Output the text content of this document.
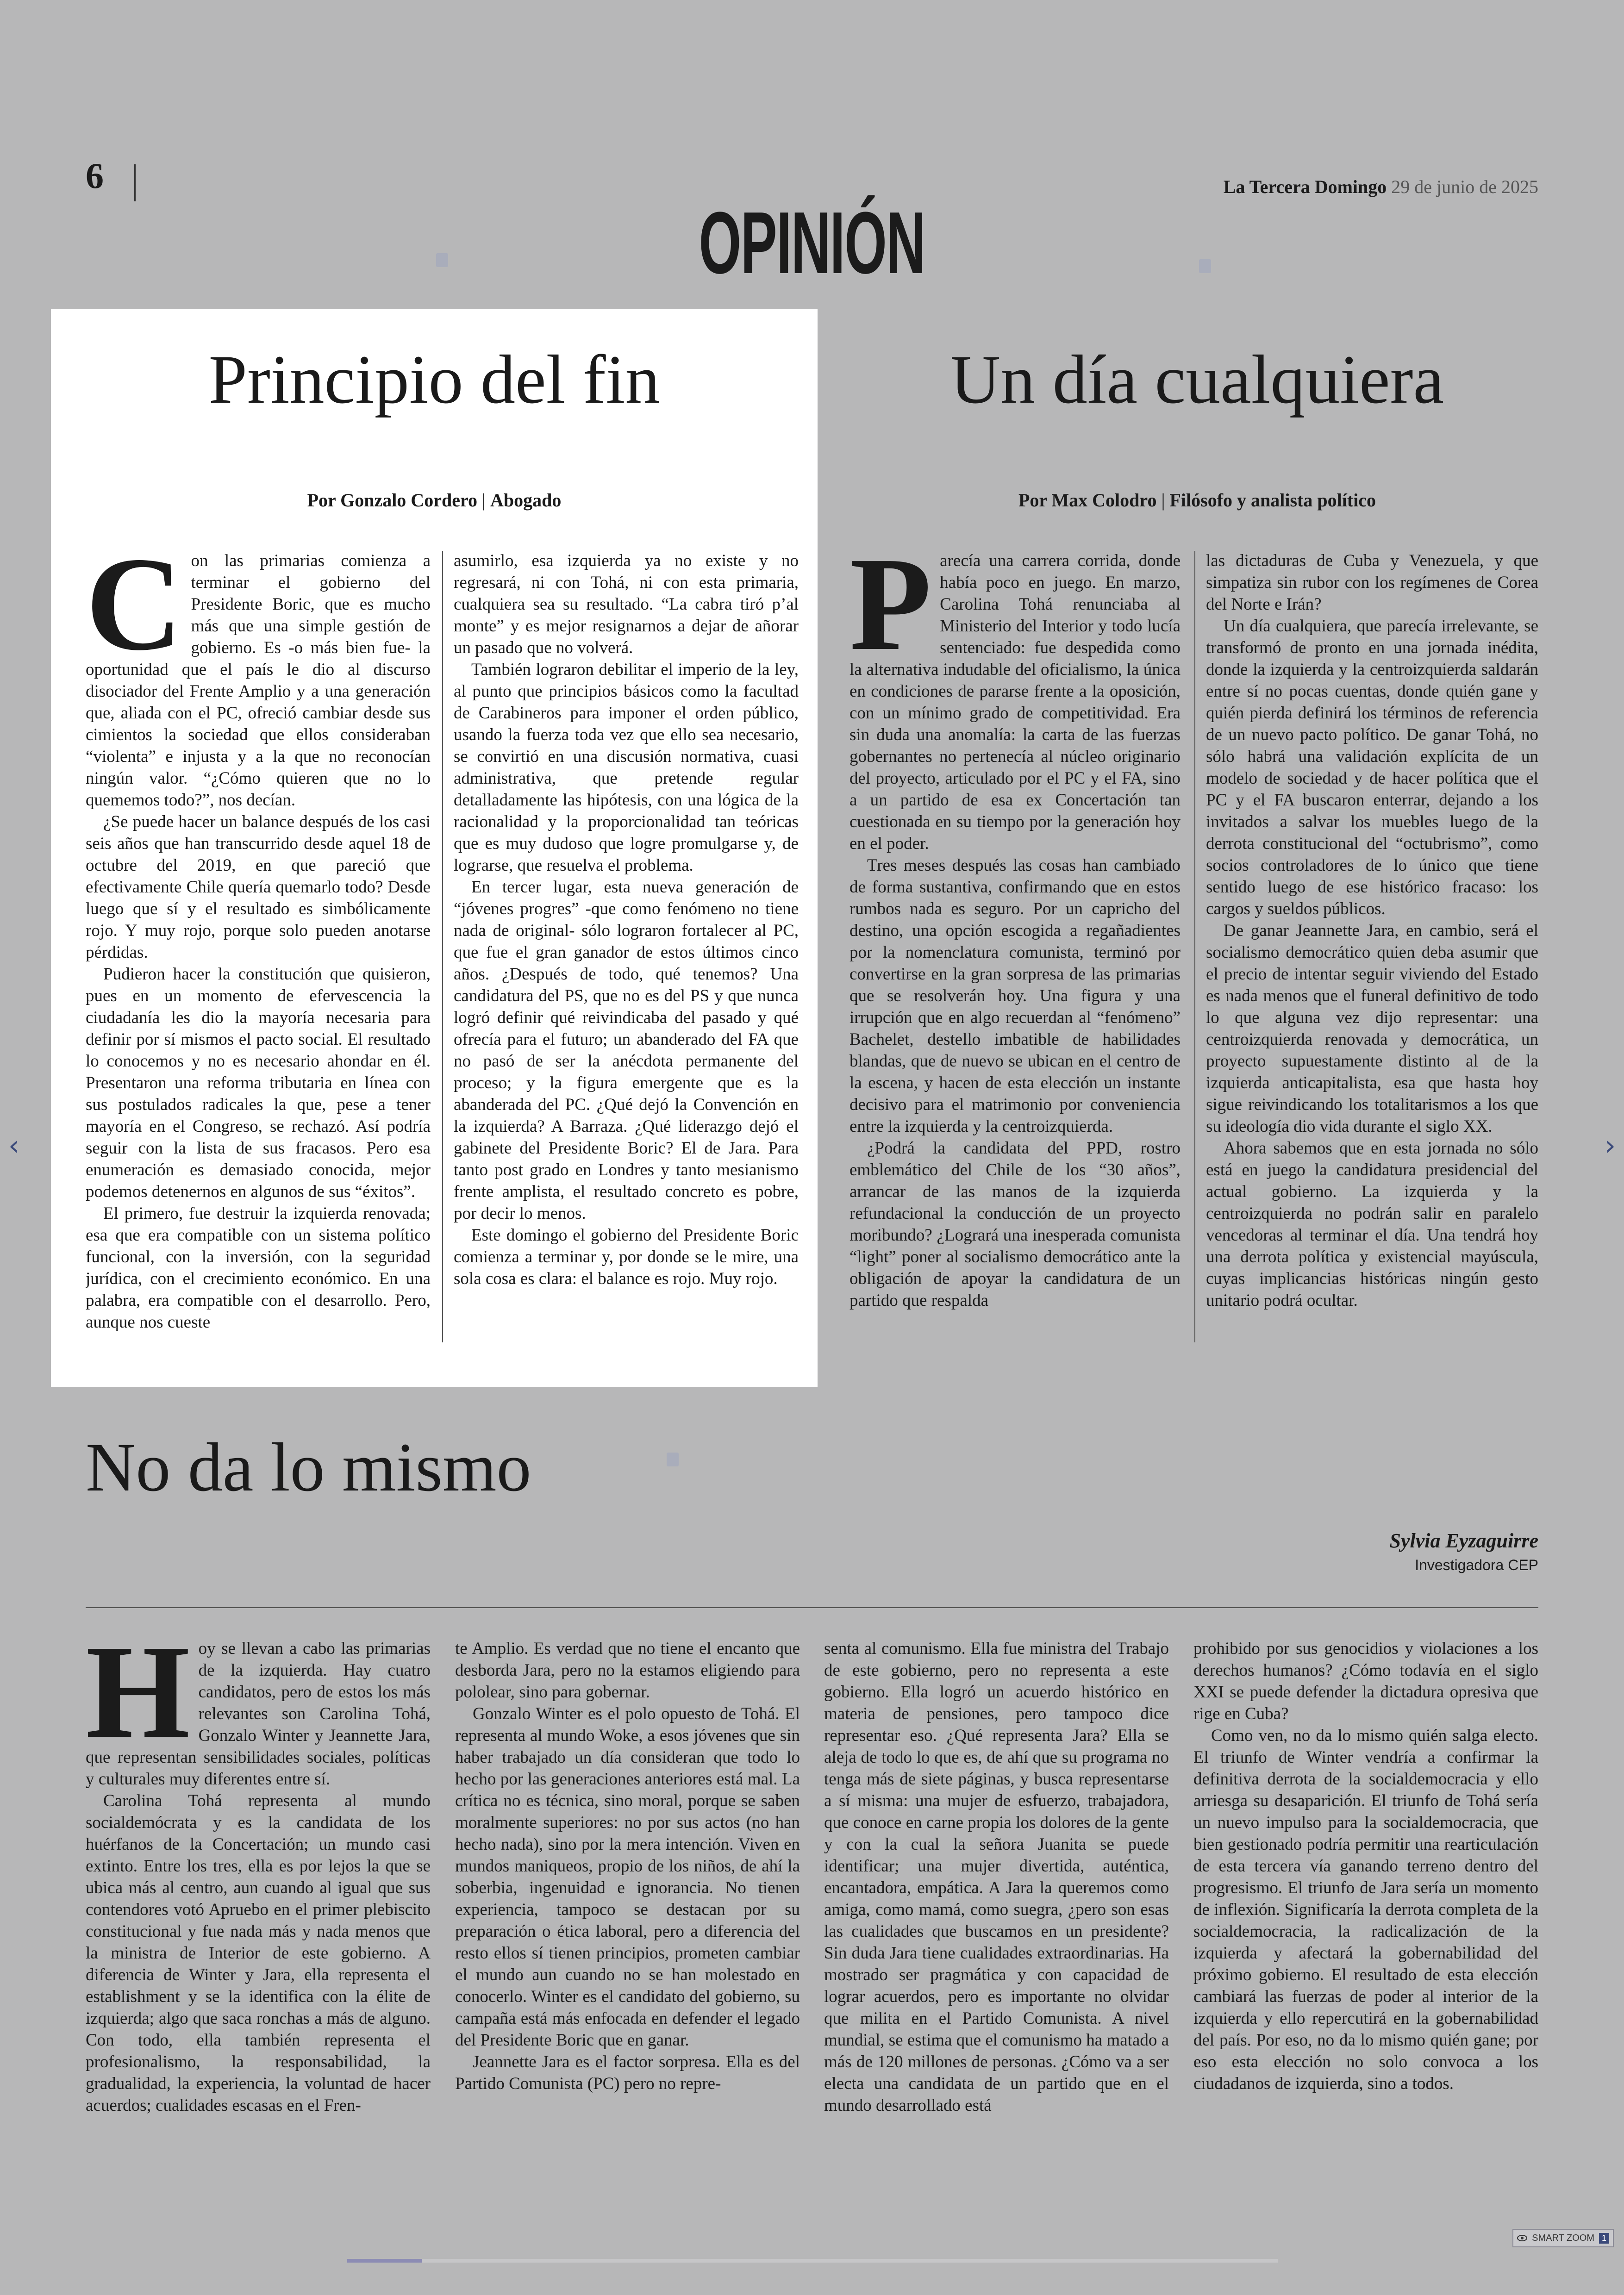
6	La Tercera Domingo 29 de junio de 2025
OPINIÓN
Principio del fin
Por Gonzalo Cordero | Abogado
C on las primarias comienza a terminar el gobierno del Presidente Boric, que es mucho más que una simple gestión de gobierno. Es -o más bien fue- la oportunidad que el país le dio al discurso disociador del Frente Amplio y a una generación que, aliada con el PC, ofreció cambiar desde sus cimientos la sociedad que ellos consideraban “violenta” e injusta y a la que no reconocían ningún valor. “¿Cómo quieren que no lo quememos todo?”, nos decían.

¿Se puede hacer un balance después de los casi seis años que han transcurrido desde aquel 18 de octubre del 2019, en que pareció que efectivamente Chile quería quemarlo todo? Desde luego que sí y el resultado es simbólicamente rojo. Y muy rojo, porque solo pueden anotarse pérdidas.

Pudieron hacer la constitución que quisieron, pues en un momento de efervescencia la ciudadanía les dio la mayoría necesaria para definir por sí mismos el pacto social. El resultado lo conocemos y no es necesario ahondar en él. Presentaron una reforma tributaria en línea con sus postulados radicales la que, pese a tener mayoría en el Congreso, se rechazó. Así podría seguir con la lista de sus fracasos. Pero esa enumeración es demasiado conocida, mejor podemos detenernos en algunos de sus “éxitos”.

El primero, fue destruir la izquierda renovada; esa que era compatible con un sistema político funcional, con la inversión, con la seguridad jurídica, con el crecimiento económico. En una palabra, era compatible con el desarrollo. Pero, aunque nos cueste

asumirlo, esa izquierda ya no existe y no regresará, ni con Tohá, ni con esta primaria, cualquiera sea su resultado. “La cabra tiró p’al monte” y es mejor resignarnos a dejar de añorar un pasado que no volverá.

También lograron debilitar el imperio de la ley, al punto que principios básicos como la facultad de Carabineros para imponer el orden público, usando la fuerza toda vez que ello sea necesario, se convirtió en una discusión normativa, cuasi administrativa, que pretende regular detalladamente las hipótesis, con una lógica de la racionalidad y la proporcionalidad tan teóricas que es muy dudoso que logre promulgarse y, de lograrse, que resuelva el problema.

En tercer lugar, esta nueva generación de “jóvenes progres” -que como fenómeno no tiene nada de original- sólo lograron fortalecer al PC, que fue el gran ganador de estos últimos cinco años. ¿Después de todo, qué tenemos? Una candidatura del PS, que no es del PS y que nunca logró definir qué reivindicaba del pasado y qué ofrecía para el futuro; un abanderado del FA que no pasó de ser la anécdota permanente del proceso; y la figura emergente que es la abanderada del PC. ¿Qué dejó la Convención en la izquierda? A Barraza. ¿Qué liderazgo dejó el gabinete del Presidente Boric? El de Jara. Para tanto post grado en Londres y tanto mesianismo frente amplista, el resultado concreto es pobre, por decir lo menos.

Este domingo el gobierno del Presidente Boric comienza a terminar y, por donde se le mire, una sola cosa es clara: el balance es rojo. Muy rojo.

Un día cualquiera
Por Max Colodro | Filósofo y analista político
P arecía una carrera corrida, donde había poco en juego. En marzo, Carolina Tohá renunciaba al Ministerio del Interior y todo lucía sentenciado: fue despedida como la alternativa indudable del oficialismo, la única en condiciones de pararse frente a la oposición, con un mínimo grado de competitividad. Era sin duda una anomalía: la carta de las fuerzas gobernantes no pertenecía al núcleo originario del proyecto, articulado por el PC y el FA, sino a un partido de esa ex Concertación tan cuestionada en su tiempo por la generación hoy en el poder.

Tres meses después las cosas han cambiado de forma sustantiva, confirmando que en estos rumbos nada es seguro. Por un capricho del destino, una opción escogida a regañadientes por la nomenclatura comunista, terminó por convertirse en la gran sorpresa de las primarias que se resolverán hoy. Una figura y una irrupción que en algo recuerdan al “fenómeno” Bachelet, destello imbatible de habilidades blandas, que de nuevo se ubican en el centro de la escena, y hacen de esta elección un instante decisivo para el matrimonio por conveniencia entre la izquierda y la centroizquierda.

¿Podrá la candidata del PPD, rostro emblemático del Chile de los “30 años”, arrancar de las manos de la izquierda refundacional la conducción de un proyecto moribundo? ¿Logrará una inesperada comunista “light” poner al socialismo democrático ante la obligación de apoyar la candidatura de un partido que respalda

las dictaduras de Cuba y Venezuela, y que simpatiza sin rubor con los regímenes de Corea del Norte e Irán?

Un día cualquiera, que parecía irrelevante, se transformó de pronto en una jornada inédita, donde la izquierda y la centroizquierda saldarán entre sí no pocas cuentas, donde quién gane y quién pierda definirá los términos de referencia de un nuevo pacto político. De ganar Tohá, no sólo habrá una validación explícita de un modelo de sociedad y de hacer política que el PC y el FA buscaron enterrar, dejando a los invitados a salvar los muebles luego de la derrota constitucional del “octubrismo”, como socios controladores de lo único que tiene sentido luego de ese histórico fracaso: los cargos y sueldos públicos.

De ganar Jeannette Jara, en cambio, será el socialismo democrático quien deba asumir que el precio de intentar seguir viviendo del Estado es nada menos que el funeral definitivo de todo lo que alguna vez dijo representar: una centroizquierda renovada y democrática, un proyecto supuestamente distinto al de la izquierda anticapitalista, esa que hasta hoy sigue reivindicando los totalitarismos a los que su ideología dio vida durante el siglo XX.

Ahora sabemos que en esta jornada no sólo está en juego la candidatura presidencial del actual gobierno. La izquierda y la centroizquierda no podrán salir en paralelo vencedoras al terminar el día. Una tendrá hoy una derrota política y existencial mayúscula, cuyas implicancias históricas ningún gesto unitario podrá ocultar.

No da lo mismo
Sylvia Eyzaguirre
Investigadora CEP
H oy se llevan a cabo las primarias de la izquierda. Hay cuatro candidatos, pero de estos los más relevantes son Carolina Tohá, Gonzalo Winter y Jeannette Jara, que representan sensibilidades sociales, políticas y culturales muy diferentes entre sí.

Carolina Tohá representa al mundo socialdemócrata y es la candidata de los huérfanos de la Concertación; un mundo casi extinto. Entre los tres, ella es por lejos la que se ubica más al centro, aun cuando al igual que sus contendores votó Apruebo en el primer plebiscito constitucional y fue nada más y nada menos que la ministra de Interior de este gobierno. A diferencia de Winter y Jara, ella representa el establishment y se la identifica con la élite de izquierda; algo que saca ronchas a más de alguno. Con todo, ella también representa el profesionalismo, la responsabilidad, la gradualidad, la experiencia, la voluntad de hacer acuerdos; cualidades escasas en el Fren-

te Amplio. Es verdad que no tiene el encanto que desborda Jara, pero no la estamos eligiendo para pololear, sino para gobernar.

Gonzalo Winter es el polo opuesto de Tohá. El representa al mundo Woke, a esos jóvenes que sin haber trabajado un día consideran que todo lo hecho por las generaciones anteriores está mal. La crítica no es técnica, sino moral, porque se saben moralmente superiores: no por sus actos (no han hecho nada), sino por la mera intención. Viven en mundos maniqueos, propio de los niños, de ahí la soberbia, ingenuidad e ignorancia. No tienen experiencia, tampoco se destacan por su preparación o ética laboral, pero a diferencia del resto ellos sí tienen principios, prometen cambiar el mundo aun cuando no se han molestado en conocerlo. Winter es el candidato del gobierno, su campaña está más enfocada en defender el legado del Presidente Boric que en ganar.

Jeannette Jara es el factor sorpresa. Ella es del Partido Comunista (PC) pero no repre-

senta al comunismo. Ella fue ministra del Trabajo de este gobierno, pero no representa a este gobierno. Ella logró un acuerdo histórico en materia de pensiones, pero tampoco dice representar eso. ¿Qué representa Jara? Ella se aleja de todo lo que es, de ahí que su programa no tenga más de siete páginas, y busca representarse a sí misma: una mujer de esfuerzo, trabajadora, que conoce en carne propia los dolores de la gente y con la cual la señora Juanita se puede identificar; una mujer divertida, auténtica, encantadora, empática. A Jara la queremos como amiga, como mamá, como suegra, ¿pero son esas las cualidades que buscamos en un presidente? Sin duda Jara tiene cualidades extraordinarias. Ha mostrado ser pragmática y con capacidad de lograr acuerdos, pero es importante no olvidar que milita en el Partido Comunista. A nivel mundial, se estima que el comunismo ha matado a más de 120 millones de personas. ¿Cómo va a ser electa una candidata de un partido que en el mundo desarrollado está

prohibido por sus genocidios y violaciones a los derechos humanos? ¿Cómo todavía en el siglo XXI se puede defender la dictadura opresiva que rige en Cuba?

Como ven, no da lo mismo quién salga electo. El triunfo de Winter vendría a confirmar la definitiva derrota de la socialdemocracia y ello arriesga su desaparición. El triunfo de Tohá sería un nuevo impulso para la socialdemocracia, que bien gestionado podría permitir una rearticulación de esta tercera vía ganando terreno dentro del progresismo. El triunfo de Jara sería un momento de inflexión. Significaría la derrota completa de la socialdemocracia, la radicalización de la izquierda y afectará la gobernabilidad del próximo gobierno. El resultado de esta elección cambiará las fuerzas de poder al interior de la izquierda y ello repercutirá en la gobernabilidad del país. Por eso, no da lo mismo quién gane; por eso esta elección no solo convoca a los ciudadanos de izquierda, sino a todos.

‹	›
SMART ZOOM 1
